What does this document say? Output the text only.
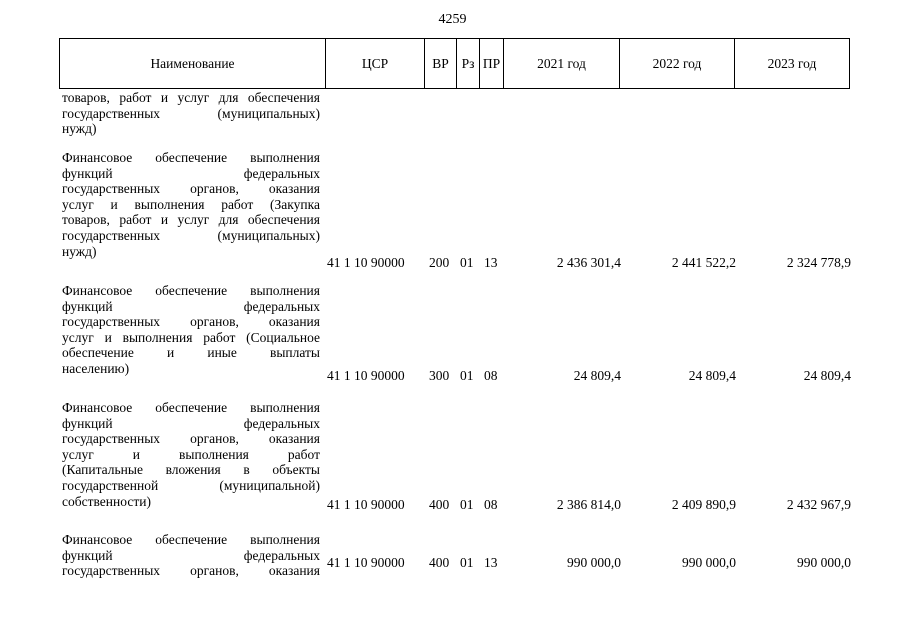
4259
Наименование	ЦСР	ВР	Рз	ПР	2021 год	2022 год	2023 год
товаров, работ и услуг для обеспечения
государственных (муниципальных)
нужд)
Финансовое обеспечение выполнения
функций федеральных
государственных органов, оказания
услуг и выполнения работ (Закупка
товаров, работ и услуг для обеспечения
государственных (муниципальных)
нужд)
41 1 10 90000 200 01 13	2 436 301,4	2 441 522,2	2 324 778,9
Финансовое обеспечение выполнения
функций федеральных
государственных органов, оказания
услуг и выполнения работ (Социальное
обеспечение и иные выплаты
населению)	41 1 10 90000 300 01 08	24 809,4	24 809,4	24 809,4
Финансовое обеспечение выполнения
функций федеральных
государственных органов, оказания
услуг и выполнения работ
(Капитальные вложения в объекты
государственной (муниципальной)
собственности)	41 1 10 90000 400 01 08	2 386 814,0	2 409 890,9	2 432 967,9
Финансовое обеспечение выполнения
функций федеральных
государственных органов, оказания
41 1 10 90000 400 01 13	990 000,0	990 000,0	990 000,0
